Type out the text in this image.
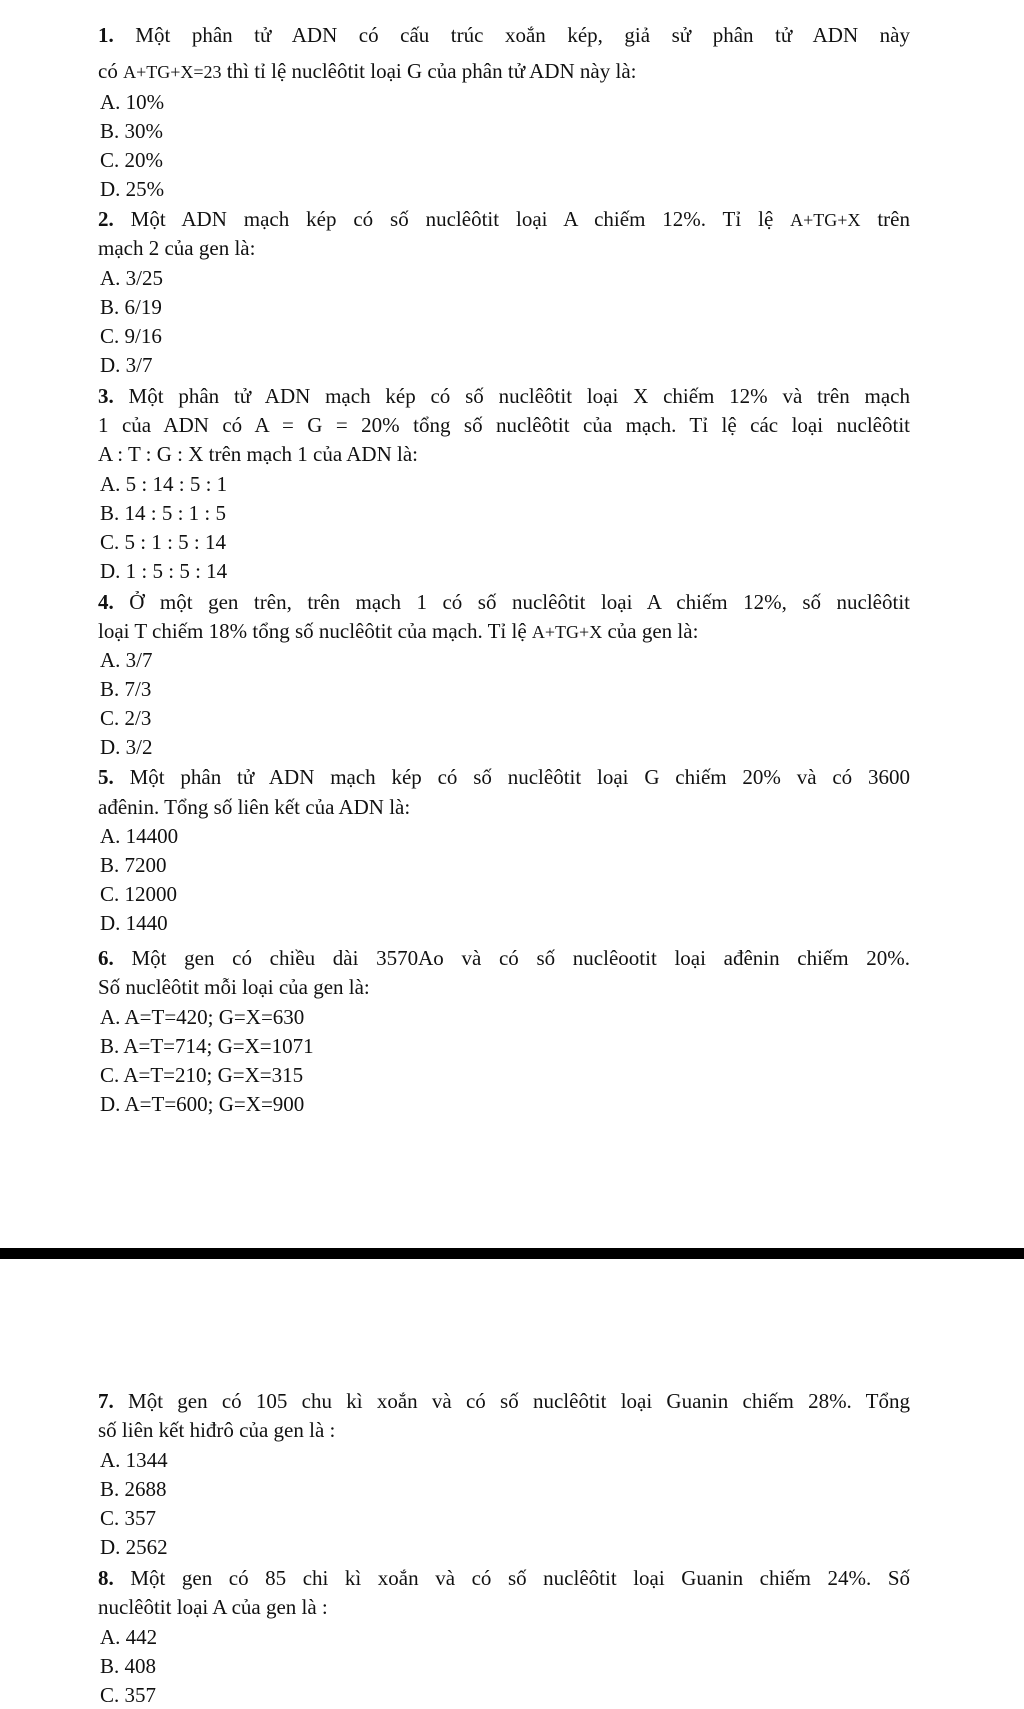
1. Một phân tử ADN có cấu trúc xoắn kép, giả sử phân tử ADN này
có A+TG+X=23 thì tỉ lệ nuclêôtit loại G của phân tử ADN này là:
A. 10%
B. 30%
C. 20%
D. 25%
2. Một ADN mạch kép có số nuclêôtit loại A chiếm 12%. Tỉ lệ A+TG+X trên
mạch 2 của gen là:
A. 3/25
B. 6/19
C. 9/16
D. 3/7
3. Một phân tử ADN mạch kép có số nuclêôtit loại X chiếm 12% và trên mạch
1 của ADN có A = G = 20% tổng số nuclêôtit của mạch. Tỉ lệ các loại nuclêôtit
A : T : G : X trên mạch 1 của ADN là:
A. 5 : 14 : 5 : 1
B. 14 : 5 : 1 : 5
C. 5 : 1 : 5 : 14
D. 1 : 5 : 5 : 14
4. Ở một gen trên, trên mạch 1 có số nuclêôtit loại A chiếm 12%, số nuclêôtit
loại T chiếm 18% tổng số nuclêôtit của mạch. Tỉ lệ A+TG+X của gen là:
A. 3/7
B. 7/3
C. 2/3
D. 3/2
5. Một phân tử ADN mạch kép có số nuclêôtit loại G chiếm 20% và có 3600
ađênin. Tổng số liên kết của ADN là:
A. 14400
B. 7200
C. 12000
D. 1440
6. Một gen có chiều dài 3570Ao và có số nuclêootit loại ađênin chiếm 20%.
Số nuclêôtit mỗi loại của gen là:
A. A=T=420; G=X=630
B. A=T=714; G=X=1071
C. A=T=210; G=X=315
D. A=T=600; G=X=900
7. Một gen có 105 chu kì xoắn và có số nuclêôtit loại Guanin chiếm 28%. Tổng
số liên kết hiđrô của gen là :
A. 1344
B. 2688
C. 357
D. 2562
8. Một gen có 85 chi kì xoắn và có số nuclêôtit loại Guanin chiếm 24%. Số
nuclêôtit loại A của gen là :
A. 442
B. 408
C. 357
